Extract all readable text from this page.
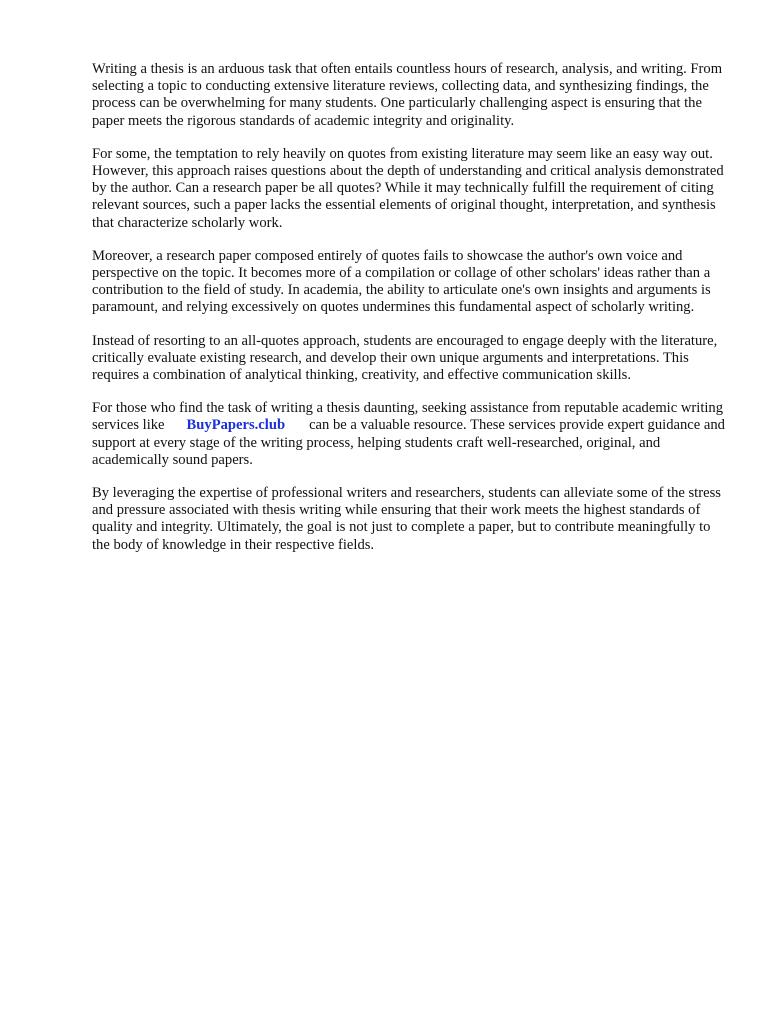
Writing a thesis is an arduous task that often entails countless hours of research, analysis, and writing. From selecting a topic to conducting extensive literature reviews, collecting data, and synthesizing findings, the process can be overwhelming for many students. One particularly challenging aspect is ensuring that the paper meets the rigorous standards of academic integrity and originality.

For some, the temptation to rely heavily on quotes from existing literature may seem like an easy way out. However, this approach raises questions about the depth of understanding and critical analysis demonstrated by the author. Can a research paper be all quotes? While it may technically fulfill the requirement of citing relevant sources, such a paper lacks the essential elements of original thought, interpretation, and synthesis that characterize scholarly work.

Moreover, a research paper composed entirely of quotes fails to showcase the author's own voice and perspective on the topic. It becomes more of a compilation or collage of other scholars' ideas rather than a contribution to the field of study. In academia, the ability to articulate one's own insights and arguments is paramount, and relying excessively on quotes undermines this fundamental aspect of scholarly writing.

Instead of resorting to an all-quotes approach, students are encouraged to engage deeply with the literature, critically evaluate existing research, and develop their own unique arguments and interpretations. This requires a combination of analytical thinking, creativity, and effective communication skills.

For those who find the task of writing a thesis daunting, seeking assistance from reputable academic writing services like BuyPapers.club can be a valuable resource. These services provide expert guidance and support at every stage of the writing process, helping students craft well-researched, original, and academically sound papers.

By leveraging the expertise of professional writers and researchers, students can alleviate some of the stress and pressure associated with thesis writing while ensuring that their work meets the highest standards of quality and integrity. Ultimately, the goal is not just to complete a paper, but to contribute meaningfully to the body of knowledge in their respective fields.
